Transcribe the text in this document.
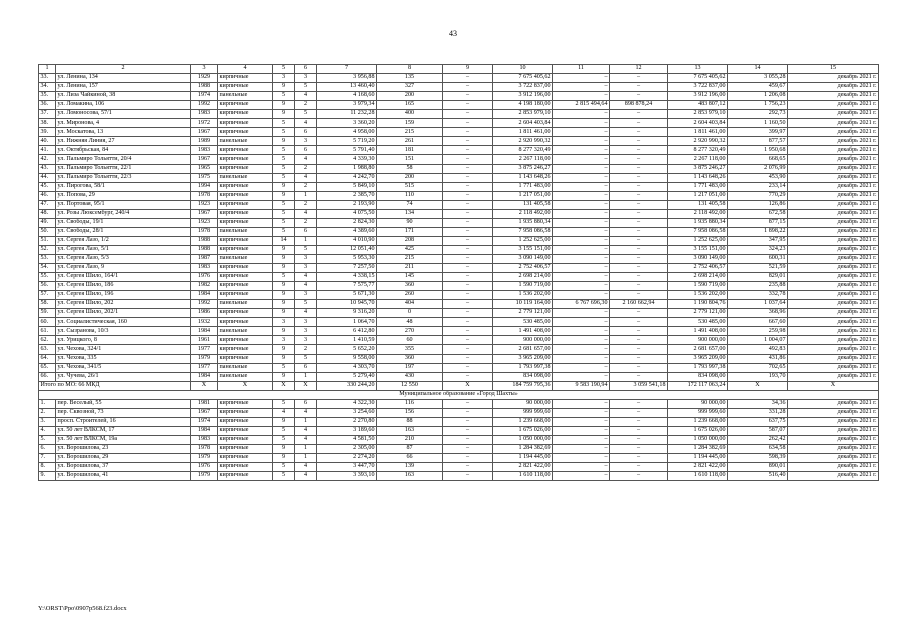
43
1	2	3	4	5	6	7	8	9	10	11	12	13	14	15
33.	ул. Ленина, 134	1929	кирпичные	3	3	3 956,88	135	–	7 675 405,62	–	–	7 675 405,62	3 055,28	декабрь 2021 г.
34.	ул. Ленина, 157	1988	кирпичные	9	5	13 460,40	327	–	3 722 837,00	–	–	3 722 837,00	459,67	декабрь 2021 г.
35.	ул. Лиза Чайкиной, 38	1974	панельные	5	4	4 168,60	200	–	3 912 196,00	–	–	3 912 196,00	1 206,08	декабрь 2021 г.
36.	ул. Ломакина, 106	1992	кирпичные	9	2	3 979,34	165	–	4 198 180,00	2 815 494,64	898 878,24	483 807,12	1 756,23	декабрь 2021 г.
37.	ул. Ломоносова, 57/1	1983	кирпичные	9	5	11 232,28	400	–	2 853 979,10	–	–	2 853 979,10	292,73	декабрь 2021 г.
38.	ул. Миронова, 4	1972	кирпичные	5	4	3 360,20	159	–	2 604 403,84	–	–	2 604 403,84	1 160,50	декабрь 2021 г.
39.	ул. Москатова, 13	1967	кирпичные	5	6	4 958,00	215	–	1 811 461,00	–	–	1 811 461,00	399,97	декабрь 2021 г.
40.	ул. Нижняя Линия, 27	1989	панельные	9	3	5 719,20	261	–	2 920 990,32	–	–	2 920 990,32	877,57	декабрь 2021 г.
41.	ул. Октябрьская, 84	1983	кирпичные	5	6	5 791,40	181	–	8 277 320,49	–	–	8 277 320,49	1 950,68	декабрь 2021 г.
42.	ул. Пальмиро Тольятти, 20/4	1967	кирпичные	5	4	4 339,30	151	–	2 267 118,00	–	–	2 267 118,00	668,65	декабрь 2021 г.
43.	ул. Пальмиро Тольятти, 22/1	1965	кирпичные	5	2	1 988,80	58	–	3 875 246,27	–	–	3 875 246,27	2 076,99	декабрь 2021 г.
44.	ул. Пальмиро Тольятти, 22/3	1975	панельные	5	4	4 242,70	200	–	1 143 648,26	–	–	1 143 648,26	453,90	декабрь 2021 г.
45.	ул. Пирогова, 58/1	1994	кирпичные	9	2	5 849,10	515	–	1 771 483,00	–	–	1 771 483,00	233,14	декабрь 2021 г.
46.	ул. Попова, 29	1978	кирпичные	9	1	2 385,70	110	–	1 217 051,00	–	–	1 217 051,00	770,29	декабрь 2021 г.
47.	ул. Портовая, 95/1	1923	кирпичные	5	2	2 193,90	74	–	131 405,58	–	–	131 405,58	126,86	декабрь 2021 г.
48.	ул. Розы Люксембург, 240/4	1967	кирпичные	5	4	4 075,50	134	–	2 118 492,00	–	–	2 118 492,00	672,58	декабрь 2021 г.
49.	ул. Свободы, 19/1	1923	кирпичные	5	2	2 824,30	90	–	1 935 880,34	–	–	1 935 880,34	877,15	декабрь 2021 г.
50.	ул. Свободы, 28/1	1978	панельные	5	6	4 389,60	171	–	7 958 086,58	–	–	7 958 086,58	1 898,22	декабрь 2021 г.
51.	ул. Сергея Лазо, 1/2	1988	кирпичные	14	1	4 010,90	208	–	1 252 625,00	–	–	1 252 625,00	347,95	декабрь 2021 г.
52.	ул. Сергея Лазо, 5/1	1988	кирпичные	9	5	12 051,40	425	–	3 155 151,00	–	–	3 155 151,00	324,23	декабрь 2021 г.
53.	ул. Сергея Лазо, 5/3	1987	панельные	9	3	5 953,30	215	–	3 090 149,00	–	–	3 090 149,00	600,31	декабрь 2021 г.
54.	ул. Сергея Лазо, 9	1983	кирпичные	9	3	7 257,50	211	–	2 752 406,57	–	–	2 752 406,57	521,59	декабрь 2021 г.
55.	ул. Сергея Шило, 164/1	1976	кирпичные	5	4	4 338,15	145	–	2 698 214,00	–	–	2 698 214,00	829,01	декабрь 2021 г.
56.	ул. Сергея Шило, 186	1982	кирпичные	9	4	7 575,77	360	–	1 590 719,00	–	–	1 590 719,00	235,88	декабрь 2021 г.
57.	ул. Сергея Шило, 196	1984	кирпичные	9	3	5 671,30	260	–	1 536 202,00	–	–	1 536 202,00	332,78	декабрь 2021 г.
58.	ул. Сергея Шило, 202	1992	панельные	9	5	10 945,70	404	–	10 119 164,00	6 767 696,30	2 160 662,94	1 190 804,76	1 037,64	декабрь 2021 г.
59.	ул. Сергея Шило, 202/1	1986	кирпичные	9	4	9 316,20	0	–	2 779 121,00	–	–	2 779 121,00	368,96	декабрь 2021 г.
60.	ул. Социалистическая, 160	1932	кирпичные	3	3	1 064,70	48	–	530 485,00	–	–	530 485,00	667,60	декабрь 2021 г.
61.	ул. Сызранова, 10/3	1984	панельные	9	3	6 412,80	270	–	1 491 408,00	–	–	1 491 408,00	259,98	декабрь 2021 г.
62.	ул. Урицкого, 8	1961	кирпичные	3	3	1 410,59	60	–	900 000,00	–	–	900 000,00	1 004,07	декабрь 2021 г.
63.	ул. Чехова, 324/1	1977	кирпичные	9	2	5 652,20	355	–	2 681 657,00	–	–	2 681 657,00	492,83	декабрь 2021 г.
64.	ул. Чехова, 335	1979	кирпичные	9	5	9 558,00	360	–	3 965 209,00	–	–	3 965 209,00	431,86	декабрь 2021 г.
65.	ул. Чехова, 341/5	1977	панельные	5	6	4 303,70	197	–	1 793 997,38	–	–	1 793 997,38	702,65	декабрь 2021 г.
66.	ул. Чучева, 26/1	1984	панельные	9	1	5 279,40	430	–	834 098,00	–	–	834 098,00	193,70	декабрь 2021 г.
Итого по МО: 66 МКД		X	X	X	X	330 244,20	12 550	X	184 759 795,36	9 583 190,94	3 059 541,18	172 117 063,24	X	X
Муниципальное образование «Город Шахты»														
1.	пер. Веселый, 55	1981	кирпичные	5	6	4 322,30	116	–	90 000,00	–	–	90 000,00	34,36	декабрь 2021 г.
2.	пер. Сквозной, 73	1967	кирпичные	4	4	3 254,60	156	–	999 999,60	–	–	999 999,60	331,28	декабрь 2021 г.
3.	просп. Строителей, 16	1974	кирпичные	9	1	2 270,80	88	–	1 239 668,00	–	–	1 239 668,00	637,75	декабрь 2021 г.
4.	ул. 50 лет ВЛКСМ, 17	1984	кирпичные	5	4	3 189,60	163	–	1 675 026,00	–	–	1 675 026,00	587,07	декабрь 2021 г.
5.	ул. 50 лет ВЛКСМ, 19а	1983	кирпичные	5	4	4 581,50	210	–	1 050 000,00	–	–	1 050 000,00	262,42	декабрь 2021 г.
6.	ул. Ворошилова, 23	1978	кирпичные	9	1	2 305,00	87	–	1 284 382,69	–	–	1 284 382,69	634,58	декабрь 2021 г.
7.	ул. Ворошилова, 29	1979	кирпичные	9	1	2 274,20	66	–	1 194 445,00	–	–	1 194 445,00	598,39	декабрь 2021 г.
8.	ул. Ворошилова, 37	1976	кирпичные	5	4	3 447,70	139	–	2 821 422,00	–	–	2 821 422,00	890,01	декабрь 2021 г.
9.	ул. Ворошилова, 41	1979	кирпичные	5	4	3 393,10	163	–	1 610 118,00	–	–	1 610 118,00	516,40	декабрь 2021 г.
Y:\ORST\Ppo\0907p568.f23.docx
